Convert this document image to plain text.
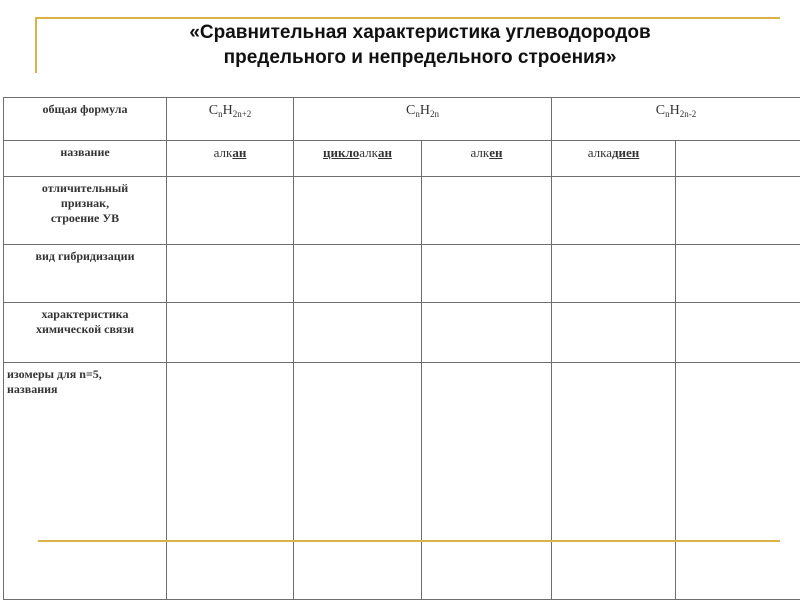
«Сравнительная характеристика углеводородов
предельного и непредельного строения»
общая формула	$C_nH_{2n+2}$	$C_nH_{2n}$		$C_nH_{2n-2}$
название	алкан	циклоалкан	алкен	алкадиен	

отличительный
признак,
строение УВ					

вид гибридизации					

характеристика
химической связи					

изомеры для n=5,
названия					
